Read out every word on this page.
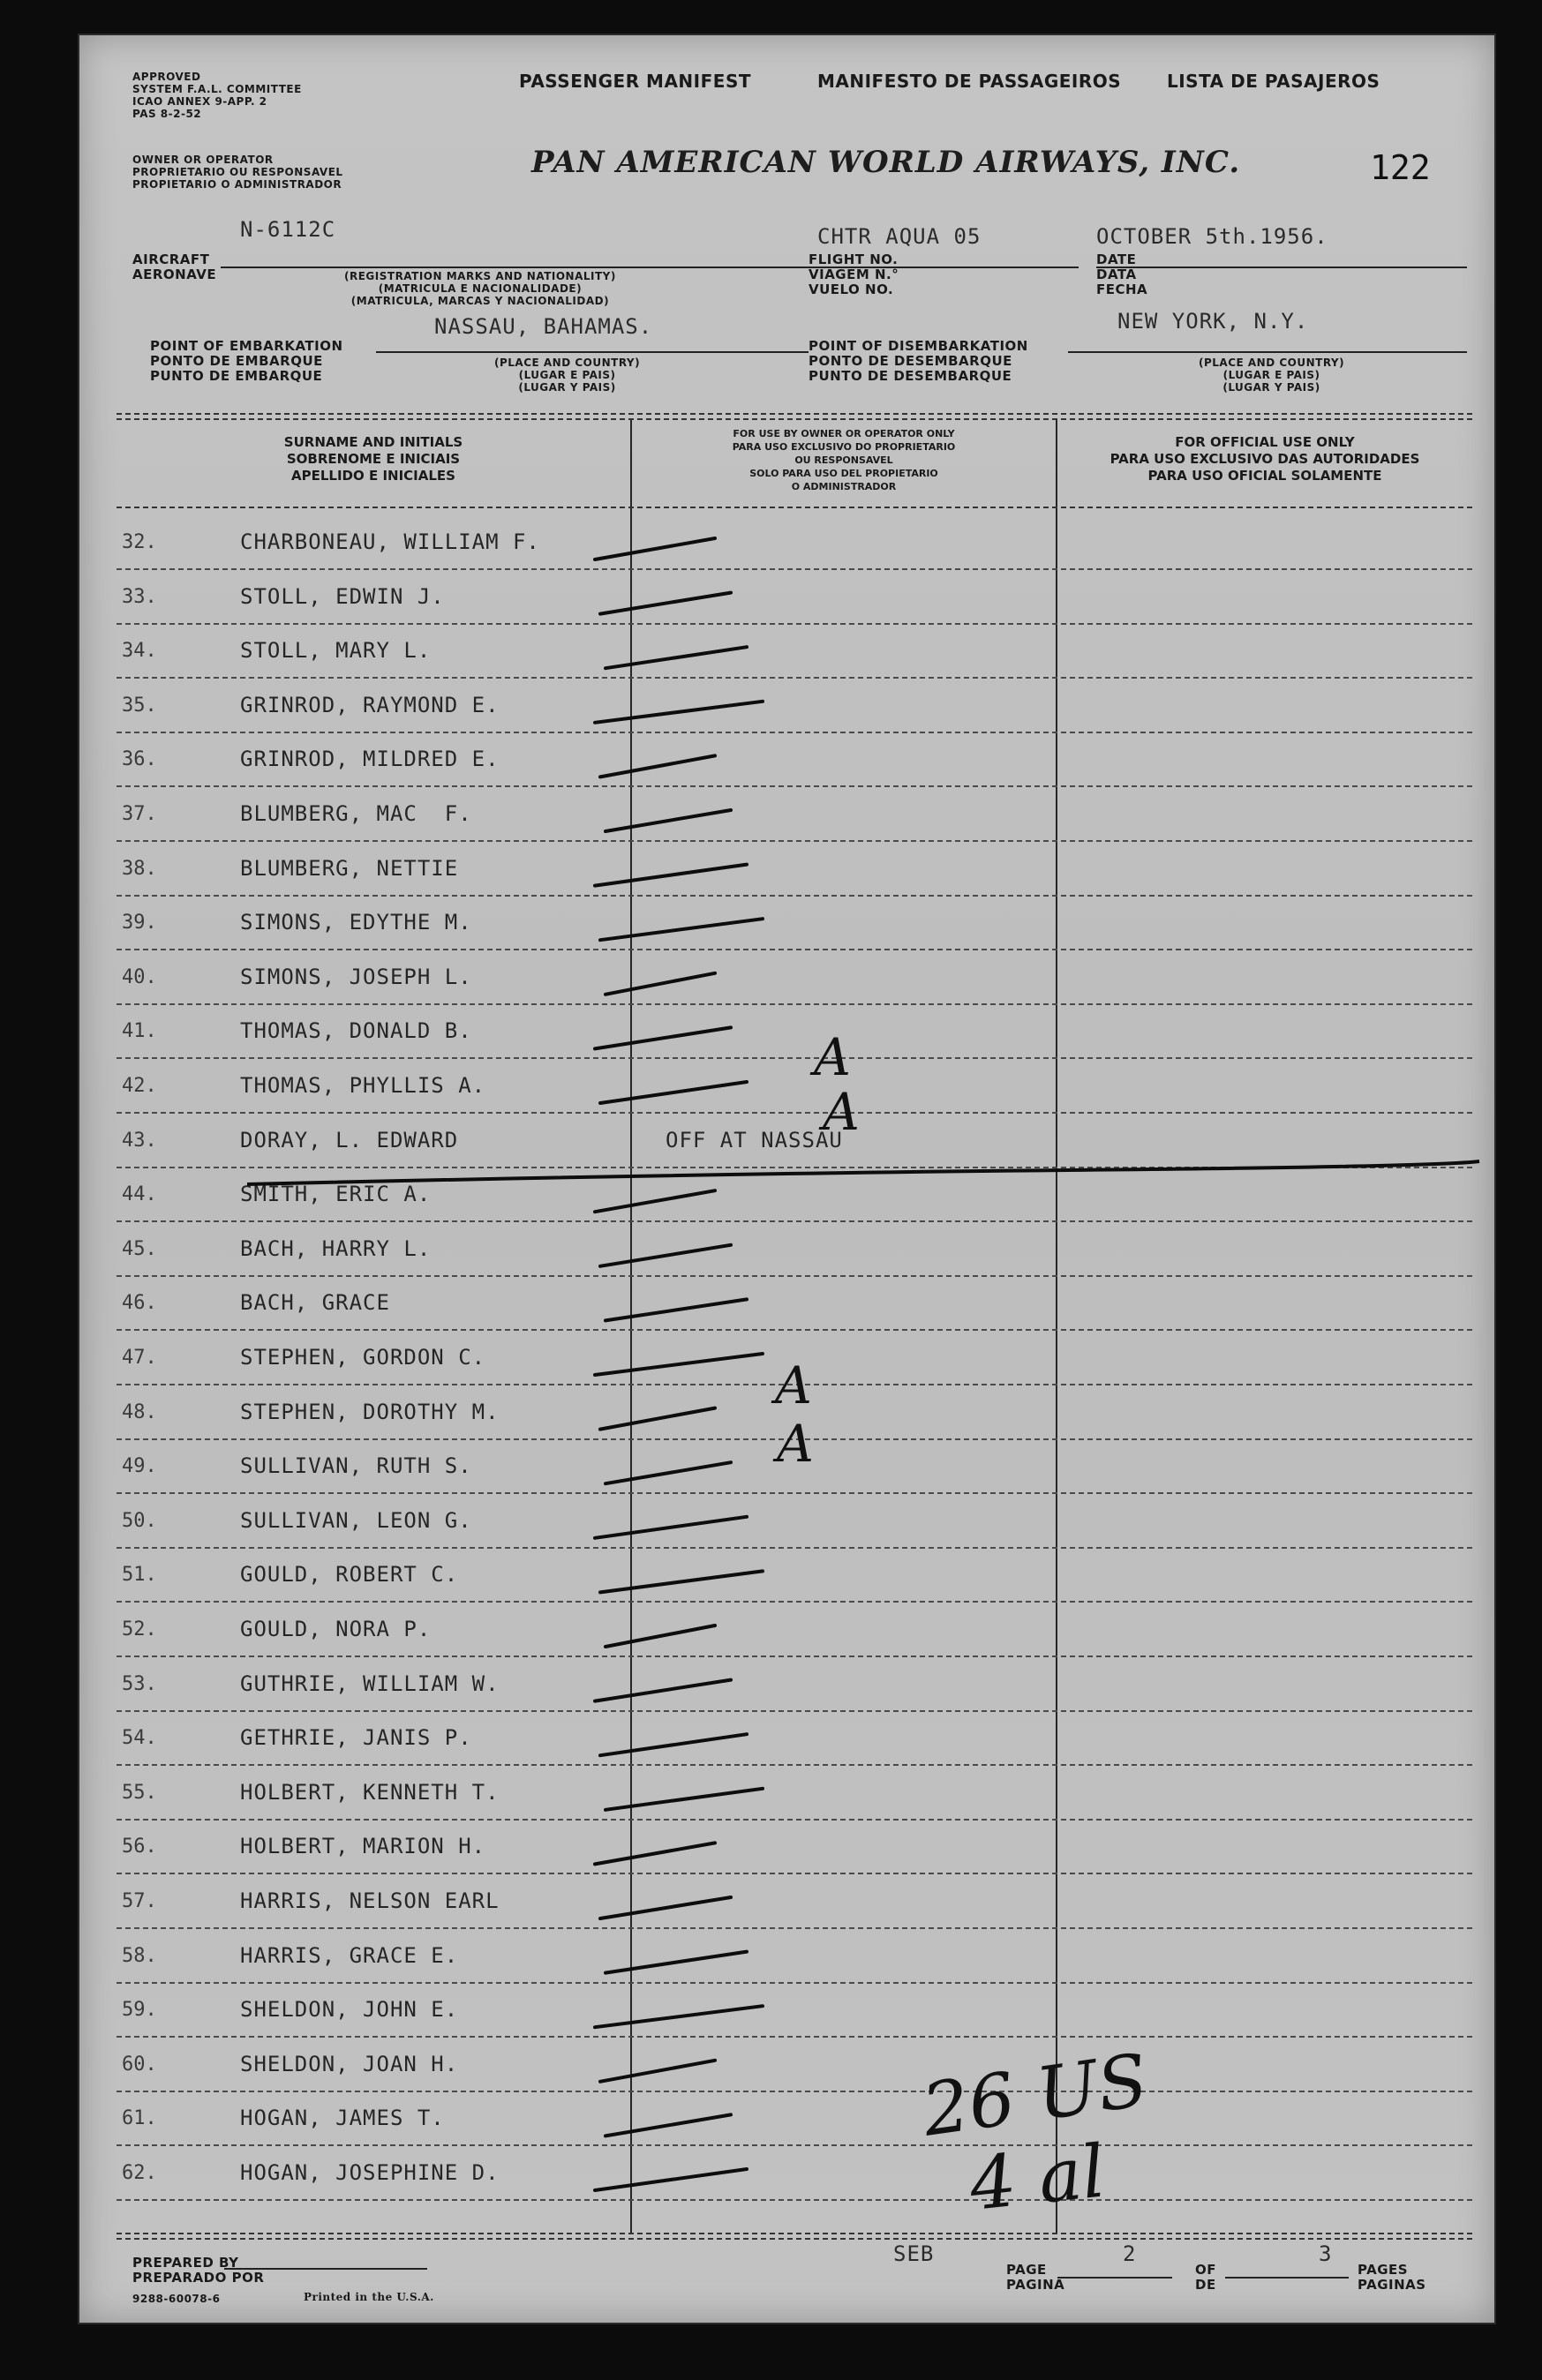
APPROVED
SYSTEM F.A.L. COMMITTEE
ICAO ANNEX 9-APP. 2
PAS 8-2-52
PASSENGER MANIFEST	MANIFESTO DE PASSAGEIROS	LISTA DE PASAJEROS
OWNER OR OPERATOR
PROPRIETARIO OU RESPONSAVEL
PROPIETARIO O ADMINISTRADOR
PAN AMERICAN WORLD AIRWAYS, INC.	122
N-6112C
AIRCRAFT
AERONAVE	(REGISTRATION MARKS AND NATIONALITY)
(MATRICULA E NACIONALIDADE)
(MATRICULA, MARCAS Y NACIONALIDAD)
CHTR AQUA 05
FLIGHT NO.
VIAGEM N.°
VUELO NO.
OCTOBER 5th.1956.
DATE
DATA
FECHA
NASSAU, BAHAMAS.
POINT OF EMBARKATION
PONTO DE EMBARQUE
PUNTO DE EMBARQUE
(PLACE AND COUNTRY)
(LUGAR E PAIS)
(LUGAR Y PAIS)
NEW YORK, N.Y.
POINT OF DISEMBARKATION
PONTO DE DESEMBARQUE
PUNTO DE DESEMBARQUE
(PLACE AND COUNTRY)
(LUGAR E PAIS)
(LUGAR Y PAIS)
SURNAME AND INITIALS
SOBRENOME E INICIAIS
APELLIDO E INICIALES
FOR USE BY OWNER OR OPERATOR ONLY
PARA USO EXCLUSIVO DO PROPRIETARIO
OU RESPONSAVEL
SOLO PARA USO DEL PROPIETARIO
O ADMINISTRADOR
FOR OFFICIAL USE ONLY
PARA USO EXCLUSIVO DAS AUTORIDADES
PARA USO OFICIAL SOLAMENTE
32.	CHARBONEAU, WILLIAM F.
33.	STOLL, EDWIN J.
34.	STOLL, MARY L.
35.	GRINROD, RAYMOND E.
36.	GRINROD, MILDRED E.
37.	BLUMBERG, MAC  F.
38.	BLUMBERG, NETTIE
39.	SIMONS, EDYTHE M.
40.	SIMONS, JOSEPH L.
41.	THOMAS, DONALD B.
42.	THOMAS, PHYLLIS A.
43.	DORAY, L. EDWARD	OFF AT NASSAU
44.	SMITH, ERIC A.
45.	BACH, HARRY L.
46.	BACH, GRACE
47.	STEPHEN, GORDON C.
48.	STEPHEN, DOROTHY M.
49.	SULLIVAN, RUTH S.
50.	SULLIVAN, LEON G.
51.	GOULD, ROBERT C.
52.	GOULD, NORA P.
53.	GUTHRIE, WILLIAM W.
54.	GETHRIE, JANIS P.
55.	HOLBERT, KENNETH T.
56.	HOLBERT, MARION H.
57.	HARRIS, NELSON EARL
58.	HARRIS, GRACE E.
59.	SHELDON, JOHN E.
60.	SHELDON, JOAN H.
61.	HOGAN, JAMES T.
62.	HOGAN, JOSEPHINE D.
A
A
A
A
26 US
4 al
PREPARED BY
PREPARADO POR
9288-60078-6	Printed in the U.S.A.
SEB
PAGE
PAGINA
2
OF
DE
3
PAGES
PAGINAS
